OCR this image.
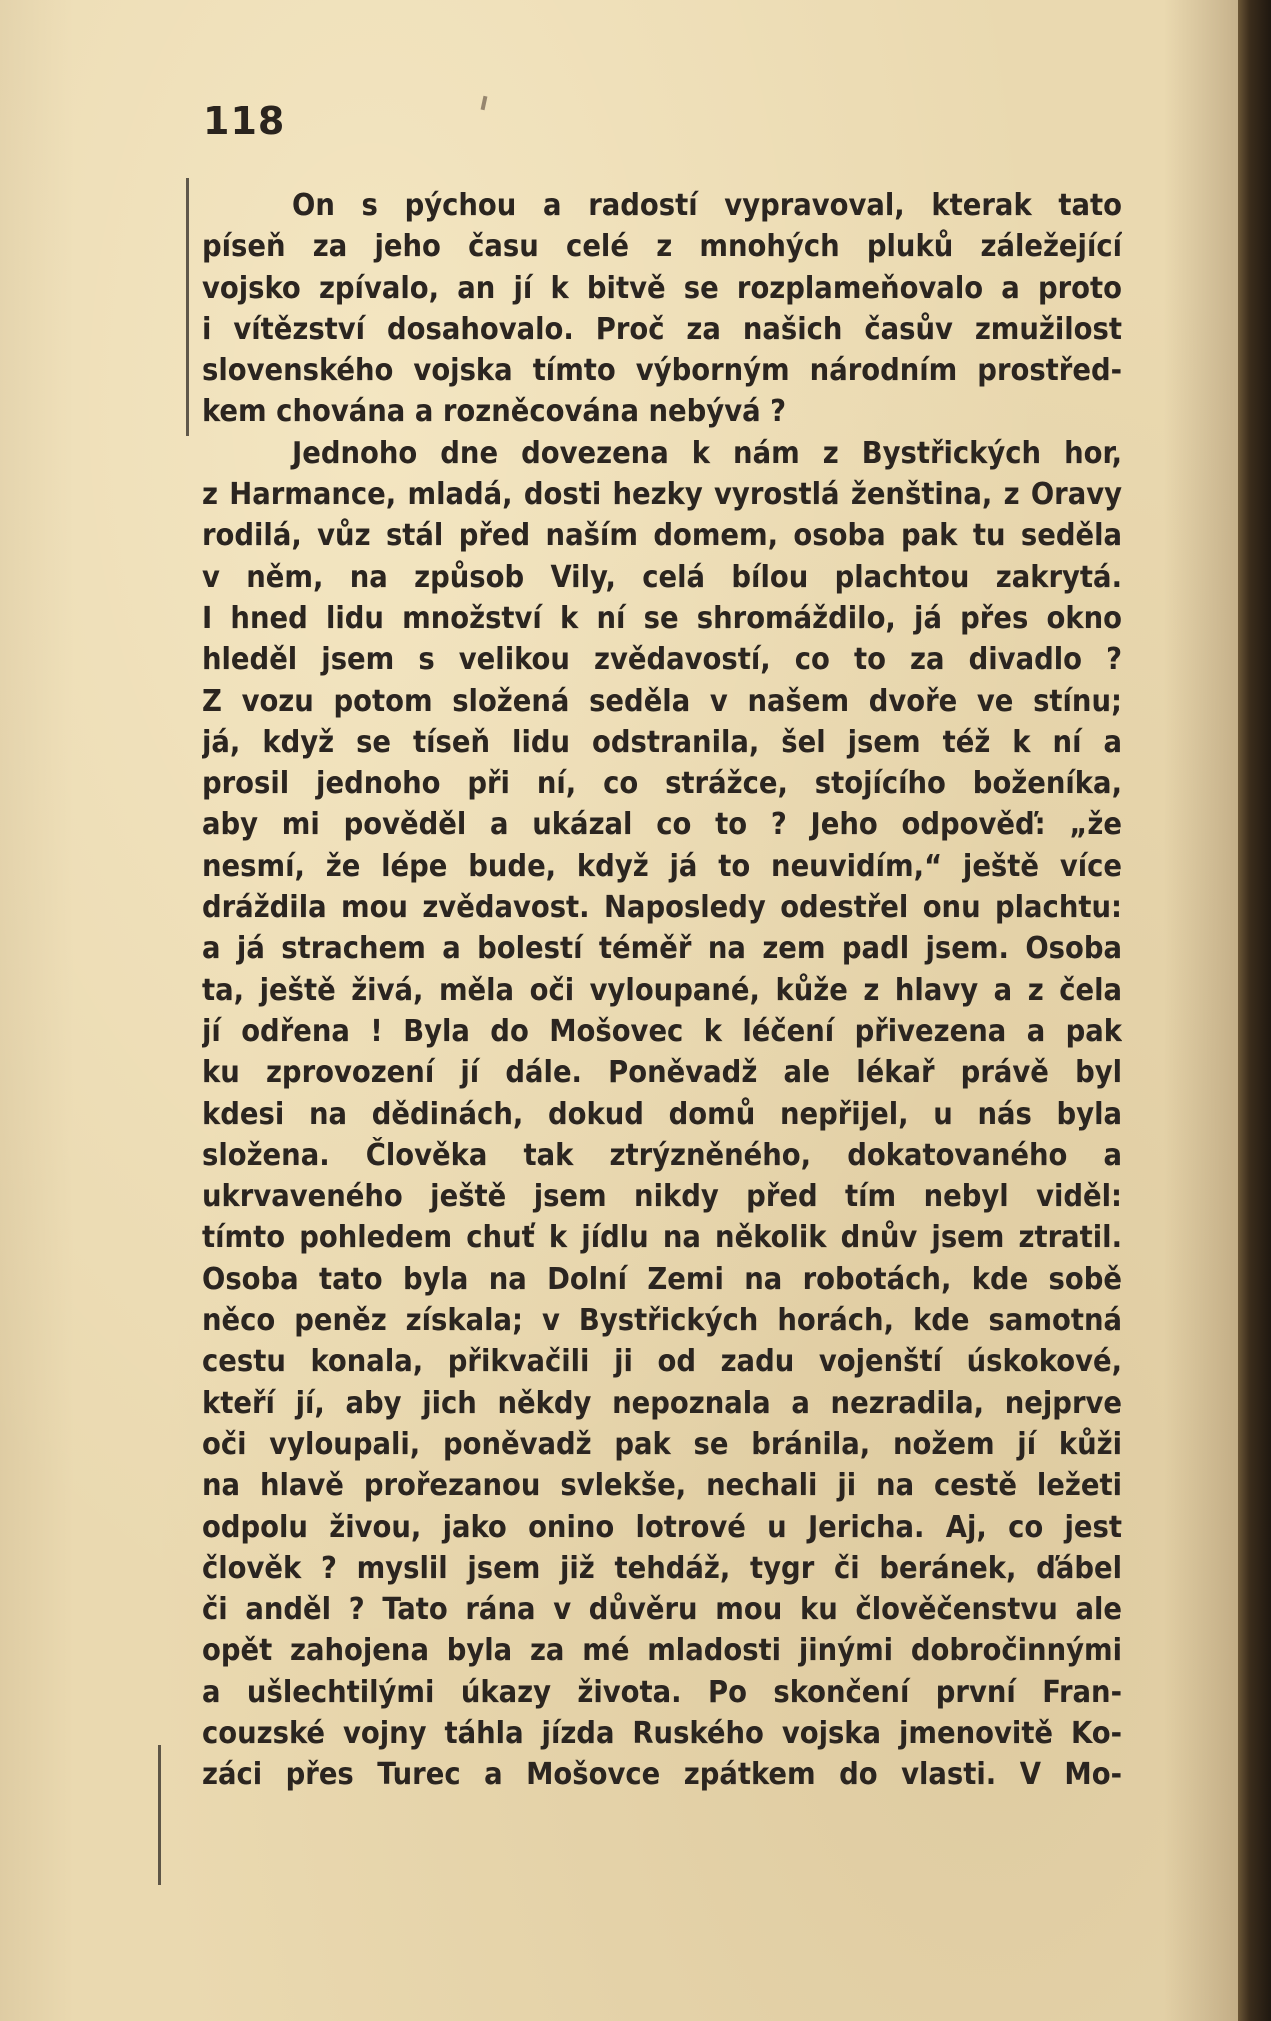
118
On s pýchou a radostí vypravoval, kterak tato
píseň za jeho času celé z mnohých pluků záležející
vojsko zpívalo, an jí k bitvě se rozplameňovalo a proto
i vítězství dosahovalo. Proč za našich časův zmužilost
slovenského vojska tímto výborným národním prostřed-
kem chována a rozněcována nebývá ?
Jednoho dne dovezena k nám z Bystřických hor,
z Harmance, mladá, dosti hezky vyrostlá ženština, z Oravy
rodilá, vůz stál před naším domem, osoba pak tu seděla
v něm, na způsob Vily, celá bílou plachtou zakrytá.
I hned lidu množství k ní se shromáždilo, já přes okno
hleděl jsem s velikou zvědavostí, co to za divadlo ?
Z vozu potom složená seděla v našem dvoře ve stínu;
já, když se tíseň lidu odstranila, šel jsem též k ní a
prosil jednoho při ní, co strážce, stojícího boženíka,
aby mi pověděl a ukázal co to ? Jeho odpověď: „že
nesmí, že lépe bude, když já to neuvidím,“ ještě více
dráždila mou zvědavost. Naposledy odestřel onu plachtu:
a já strachem a bolestí téměř na zem padl jsem. Osoba
ta, ještě živá, měla oči vyloupané, kůže z hlavy a z čela
jí odřena ! Byla do Mošovec k léčení přivezena a pak
ku zprovození jí dále. Poněvadž ale lékař právě byl
kdesi na dědinách, dokud domů nepřijel, u nás byla
složena. Člověka tak ztrýzněného, dokatovaného a
ukrvaveného ještě jsem nikdy před tím nebyl viděl:
tímto pohledem chuť k jídlu na několik dnův jsem ztratil.
Osoba tato byla na Dolní Zemi na robotách, kde sobě
něco peněz získala; v Bystřických horách, kde samotná
cestu konala, přikvačili ji od zadu vojenští úskokové,
kteří jí, aby jich někdy nepoznala a nezradila, nejprve
oči vyloupali, poněvadž pak se bránila, nožem jí kůži
na hlavě prořezanou svlekše, nechali ji na cestě ležeti
odpolu živou, jako onino lotrové u Jericha. Aj, co jest
člověk ? myslil jsem již tehdáž, tygr či beránek, ďábel
či anděl ? Tato rána v důvěru mou ku člověčenstvu ale
opět zahojena byla za mé mladosti jinými dobročinnými
a ušlechtilými úkazy života. Po skončení první Fran-
couzské vojny táhla jízda Ruského vojska jmenovitě Ko-
záci přes Turec a Mošovce zpátkem do vlasti. V Mo-
